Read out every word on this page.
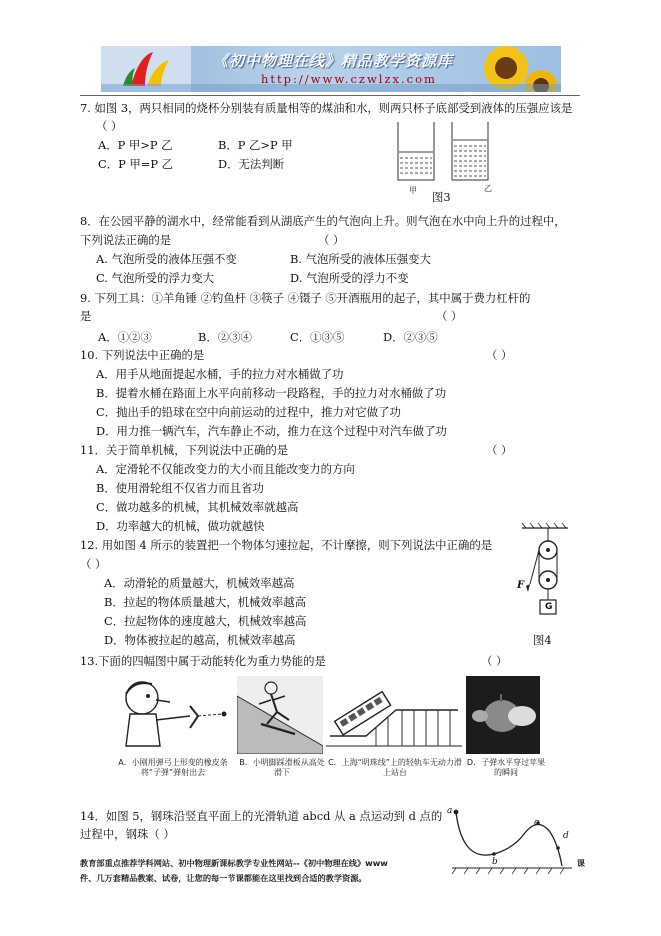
《初中物理在线》精品教学资源库
http://www.czwlzx.com
7. 如图 3，两只相同的烧杯分别装有质量相等的煤油和水，则两只杯子底部受到液体的压强应该是
（ ）
A．P 甲>P 乙	B．P 乙>P 甲
C．P 甲=P 乙	D．无法判断
甲	乙
图3
8．在公园平静的湖水中，经常能看到从湖底产生的气泡向上升。则气泡在水中向上升的过程中，
下列说法正确的是	（ ）
A. 气泡所受的液体压强不变	B. 气泡所受的液体压强变大
C. 气泡所受的浮力变大	D. 气泡所受的浮力不变
9. 下列工具：①羊角锤 ②钓鱼杆 ③筷子 ④镊子 ⑤开酒瓶用的起子，其中属于费力杠杆的
是	（ ）
A．①②③	B．②③④	C．①③⑤	D．②③⑤
10. 下列说法中正确的是	（ ）
A．用手从地面提起水桶，手的拉力对水桶做了功
B．提着水桶在路面上水平向前移动一段路程，手的拉力对水桶做了功
C．抛出手的铅球在空中向前运动的过程中，推力对它做了功
D．用力推一辆汽车，汽车静止不动，推力在这个过程中对汽车做了功
11．关于简单机械，下列说法中正确的是	（ ）
A．定滑轮不仅能改变力的大小而且能改变力的方向
B．使用滑轮组不仅省力而且省功
C．做功越多的机械，其机械效率就越高
D．功率越大的机械，做功就越快
12. 用如图 4 所示的装置把一个物体匀速拉起，不计摩擦，则下列说法中正确的是
（ ）
A．动滑轮的质量越大，机械效率越高
B．拉起的物体质量越大，机械效率越高
C．拉起物体的速度越大，机械效率越高
D．物体被拉起的越高，机械效率越高
F
G
图4
13.下面的四幅图中属于动能转化为重力势能的是	（ ）
A．小刚用弹弓上形变的橡皮条将“子弹”弹射出去
B．小明脚踩滑板从高处滑下
C．上海“明珠线”上的轻轨车无动力滑上站台
D．子弹水平穿过苹果的瞬间
14．如图 5，钢珠沿竖直平面上的光滑轨道 abcd 从 a 点运动到 d 点的
过程中，钢珠（ ）
a
b
c
d
教育部重点推荐学科网站、初中物理新课标教学专业性网站--《初中物理在线》www	课
件、几万套精品教案、试卷，让您的每一节课都能在这里找到合适的教学资源。
